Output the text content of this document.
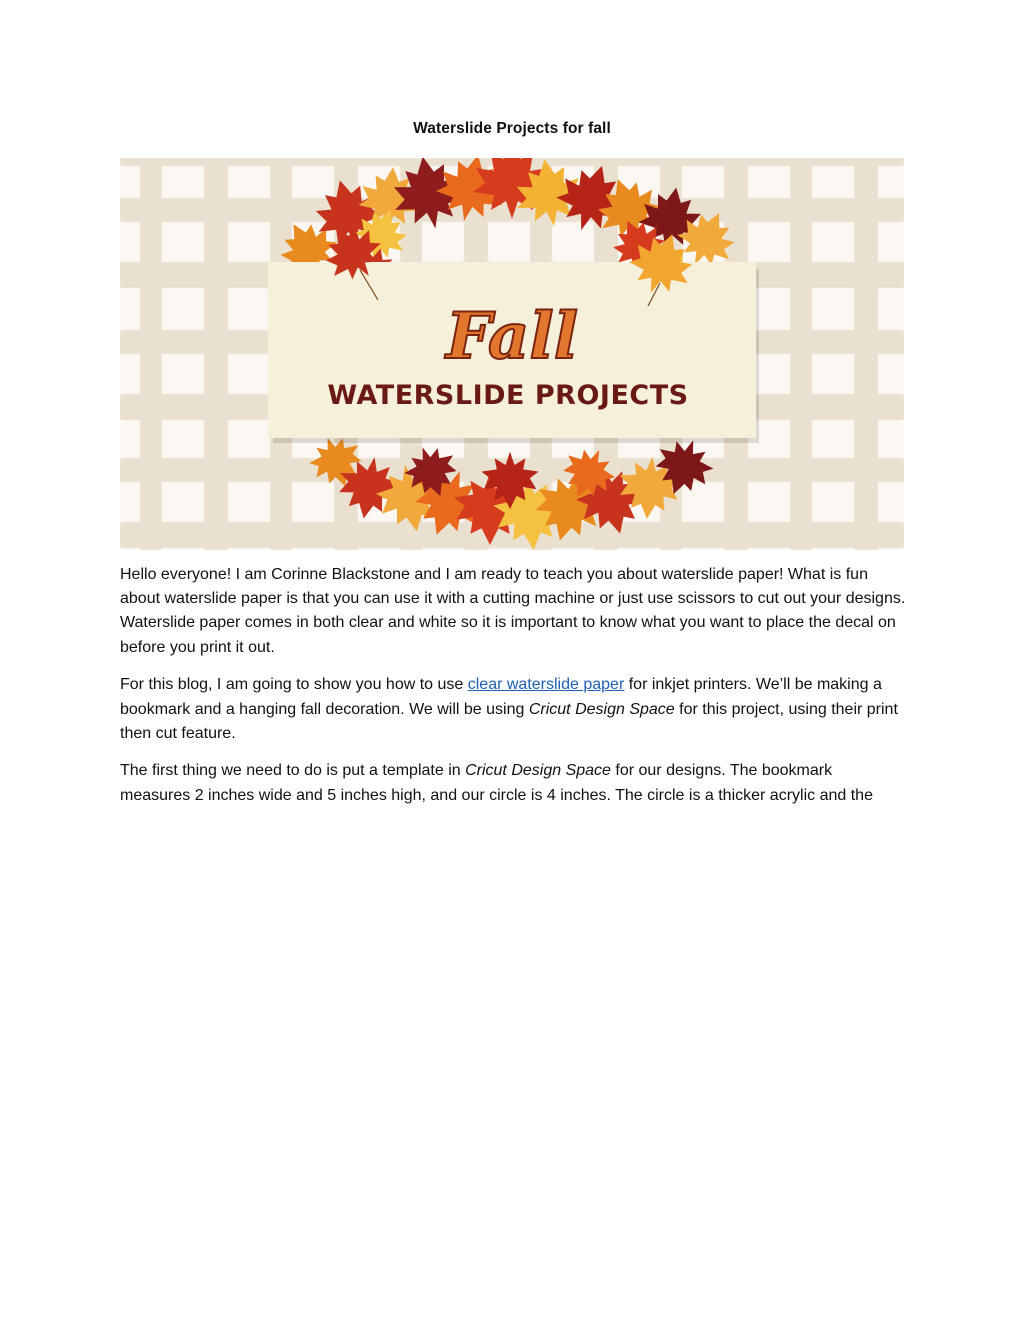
Waterslide Projects for fall
Fall
WATERSLIDE PROJECTS

Hello everyone! I am Corinne Blackstone and I am ready to teach you about waterslide paper! What is fun about waterslide paper is that you can use it with a cutting machine or just use scissors to cut out your designs. Waterslide paper comes in both clear and white so it is important to know what you want to place the decal on before you print it out.

For this blog, I am going to show you how to use clear waterslide paper for inkjet printers. We’ll be making a bookmark and a hanging fall decoration. We will be using Cricut Design Space for this project, using their print then cut feature.

The first thing we need to do is put a template in Cricut Design Space for our designs. The bookmark measures 2 inches wide and 5 inches high, and our circle is 4 inches. The circle is a thicker acrylic and the
